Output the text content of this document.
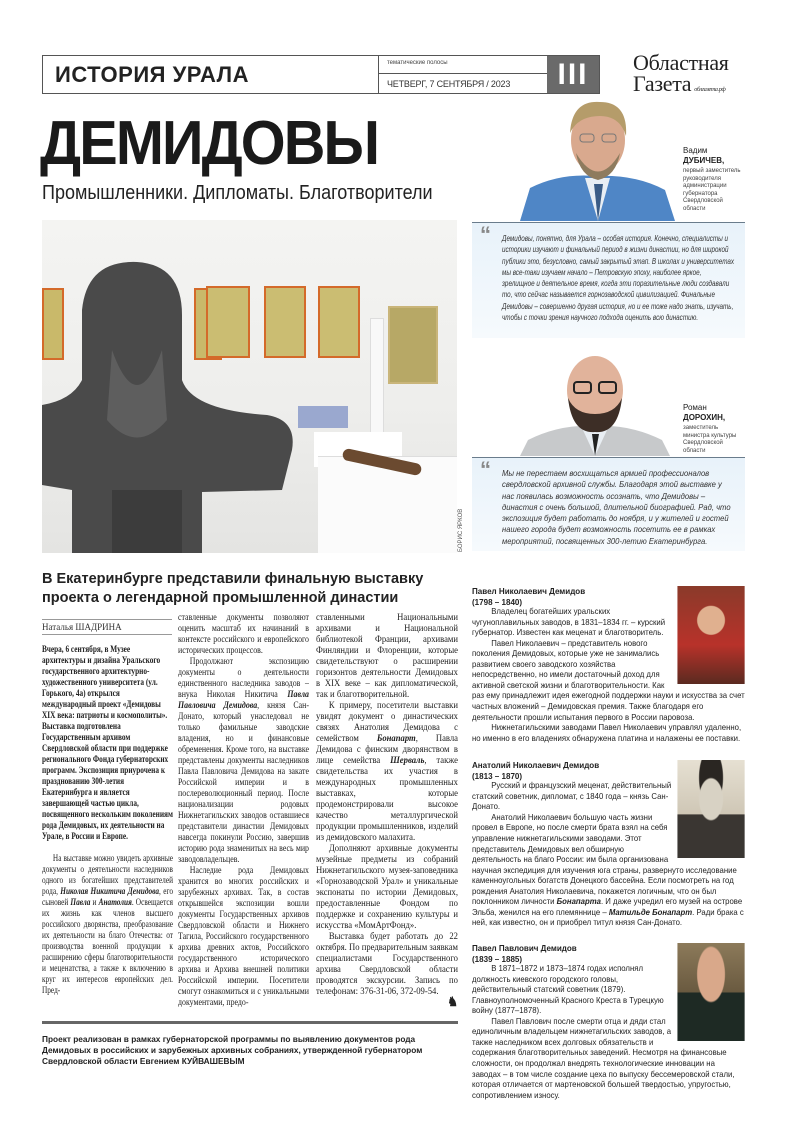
ИСТОРИЯ УРАЛА	тематические полосы
ЧЕТВЕРГ, 7 СЕНТЯБРЯ / 2023	III	Областная
Газета облгазета.рф
ДЕМИДОВЫ
Промышленники. Дипломаты. Благотворители
Вадим
ДУБИЧЕВ,
первый заместитель руководителя администрации губернатора Свердловской области
“ Демидовы, понятно, для Урала – особая история. Конечно, специалисты и историки изучают и финальный период в жизни династии, но для широкой публики это, безусловно, самый закрытый этап. В школах и университетах мы все-таки изучаем начало – Петровскую эпоху, наиболее яркое, зрелищное и деятельное время, когда эти поразительные люди создавали то, что сейчас называется горнозаводской цивилизацией. Финальные Демидовы – совершенно другая история, но и ее тоже надо знать, изучать, чтобы с точки зрения научного подхода оценить всю династию.
БОРИС ЯРКОВ
Роман
ДОРОХИН,
заместитель министра культуры Свердловской области
“ Мы не перестаем восхищаться армией профессионалов свердловской архивной службы. Благодаря этой выставке у нас появилась возможность осознать, что Демидовы – династия с очень большой, длительной биографией. Рад, что экспозиция будет работать до ноября, и у жителей и гостей нашего города будет возможность посетить ее в рамках мероприятий, посвященных 300-летию Екатеринбурга.
В Екатеринбурге представили финальную выставку проекта о легендарной промышленной династии
Наталья ШАДРИНА

Вчера, 6 сентября, в Музее архитектуры и дизайна Уральского государственного архитектурно-художественного университета (ул. Горького, 4а) открылся международный проект «Демидовы XIX века: патриоты и космополиты». Выставка подготовлена Государственным архивом Свердловской области при поддержке регионального Фонда губернаторских программ. Экспозиция приурочена к празднованию 300-летия Екатеринбурга и является завершающей частью цикла, посвященного нескольким поколениям рода Демидовых, их деятельности на Урале, в России и Европе.

На выставке можно увидеть архивные документы о деятельности наследников одного из богатейших представителей рода, Николая Никитича Демидова, его сыновей Павла и Анатолия. Освещается их жизнь как членов высшего российского дворянства, преобразование их деятельности на благо Отечества: от производства военной продукции к расширению сферы благотворительности и меценатства, а также к включению в круг их интересов европейских дел. Пред-

ставленные документы позволяют оценить масштаб их начинаний в контексте российского и европейского исторических процессов.

Продолжают экспозицию документы о деятельности единственного наследника заводов – внука Николая Никитича Павла Павловича Демидова, князя Сан-Донато, который унаследовал не только фамильные заводские владения, но и финансовые обременения. Кроме того, на выставке представлены документы наследников Павла Павловича Демидова на закате Российской империи и в послереволюционный период. После национализации родовых Нижнетагильских заводов оставшиеся представители династии Демидовых навсегда покинули Россию, завершив историю рода знаменитых на весь мир заводовладельцев.

Наследие рода Демидовых хранится во многих российских и зарубежных архивах. Так, в состав открывшейся экспозиции вошли документы Государственных архивов Свердловской области и Нижнего Тагила, Российского государственного архива древних актов, Российского государственного исторического архива и Архива внешней политики Российской империи. Посетители смогут ознакомиться и с уникальными документами, предо-

ставленными Национальными архивами и Национальной библиотекой Франции, архивами Финляндии и Флоренции, которые свидетельствуют о расширении горизонтов деятельности Демидовых в XIX веке – как дипломатической, так и благотворительной.

К примеру, посетители выставки увидят документ о династических связях Анатолия Демидова с семейством Бонапарт, Павла Демидова с финским дворянством в лице семейства Шерваль, также свидетельства их участия в международных промышленных выставках, которые продемонстрировали высокое качество металлургической продукции промышленников, изделий из демидовского малахита.

Дополняют архивные документы музейные предметы из собраний Нижнетагильского музея-заповедника «Горнозаводской Урал» и уникальные экспонаты по истории Демидовых, предоставленные Фондом по поддержке и сохранению культуры и искусства «МомАртФонд».

Выставка будет работать до 22 октября. По предварительным заявкам специалистами Государственного архива Свердловской области проводятся экскурсии. Запись по телефонам: 376-31-06, 372-09-54.

♞
Павел Николаевич Демидов
(1798 – 1840)

Владелец богатейших уральских чугуноплавильных заводов, в 1831–1834 гг. – курский губернатор. Известен как меценат и благотворитель.

Павел Николаевич – представитель нового поколения Демидовых, которые уже не занимались развитием своего заводского хозяйства непосредственно, но имели достаточный доход для активной светской жизни и благотворительности. Как раз ему принадлежит идея ежегодной поддержки науки и искусства за счет частных вложений – Демидовская премия. Также благодаря его деятельности прошли испытания первого в России паровоза.

Нижнетагильскими заводами Павел Николаевич управлял удаленно, но именно в его владениях обнаружена платина и налажены ее поставки.

Анатолий Николаевич Демидов
(1813 – 1870)

Русский и французский меценат, действительный статский советник, дипломат, с 1840 года – князь Сан-Донато.

Анатолий Николаевич большую часть жизни провел в Европе, но после смерти брата взял на себя управление нижнетагильскими заводами. Этот представитель Демидовых вел обширную деятельность на благо России: им была организована научная экспедиция для изучения юга страны, развернуто исследование каменноугольных богатств Донецкого бассейна. Если посмотреть на год рождения Анатолия Николаевича, покажется логичным, что он был поклонником личности Бонапарта. И даже учредил его музей на острове Эльба, женился на его племяннице – Матильде Бонапарт. Ради брака с ней, как известно, он и приобрел титул князя Сан-Донато.

Павел Павлович Демидов
(1839 – 1885)

В 1871–1872 и 1873–1874 годах исполнял должность киевского городского головы, действительный статский советник (1879). Главноуполномоченный Красного Креста в Турецкую войну (1877–1878).

Павел Павлович после смерти отца и дяди стал единоличным владельцем нижнетагильских заводов, а также наследником всех долговых обязательств и содержания благотворительных заведений. Несмотря на финансовые сложности, он продолжал внедрять технологические инновации на заводах – в том числе создание цеха по выпуску бессемеровской стали, которая отличается от мартеновской большей твердостью, упругостью, сопротивлением износу.

Проект реализован в рамках губернаторской программы по выявлению документов рода Демидовых в российских и зарубежных архивных собраниях, утвержденной губернатором Свердловской области Евгением КУЙВАШЕВЫМ
